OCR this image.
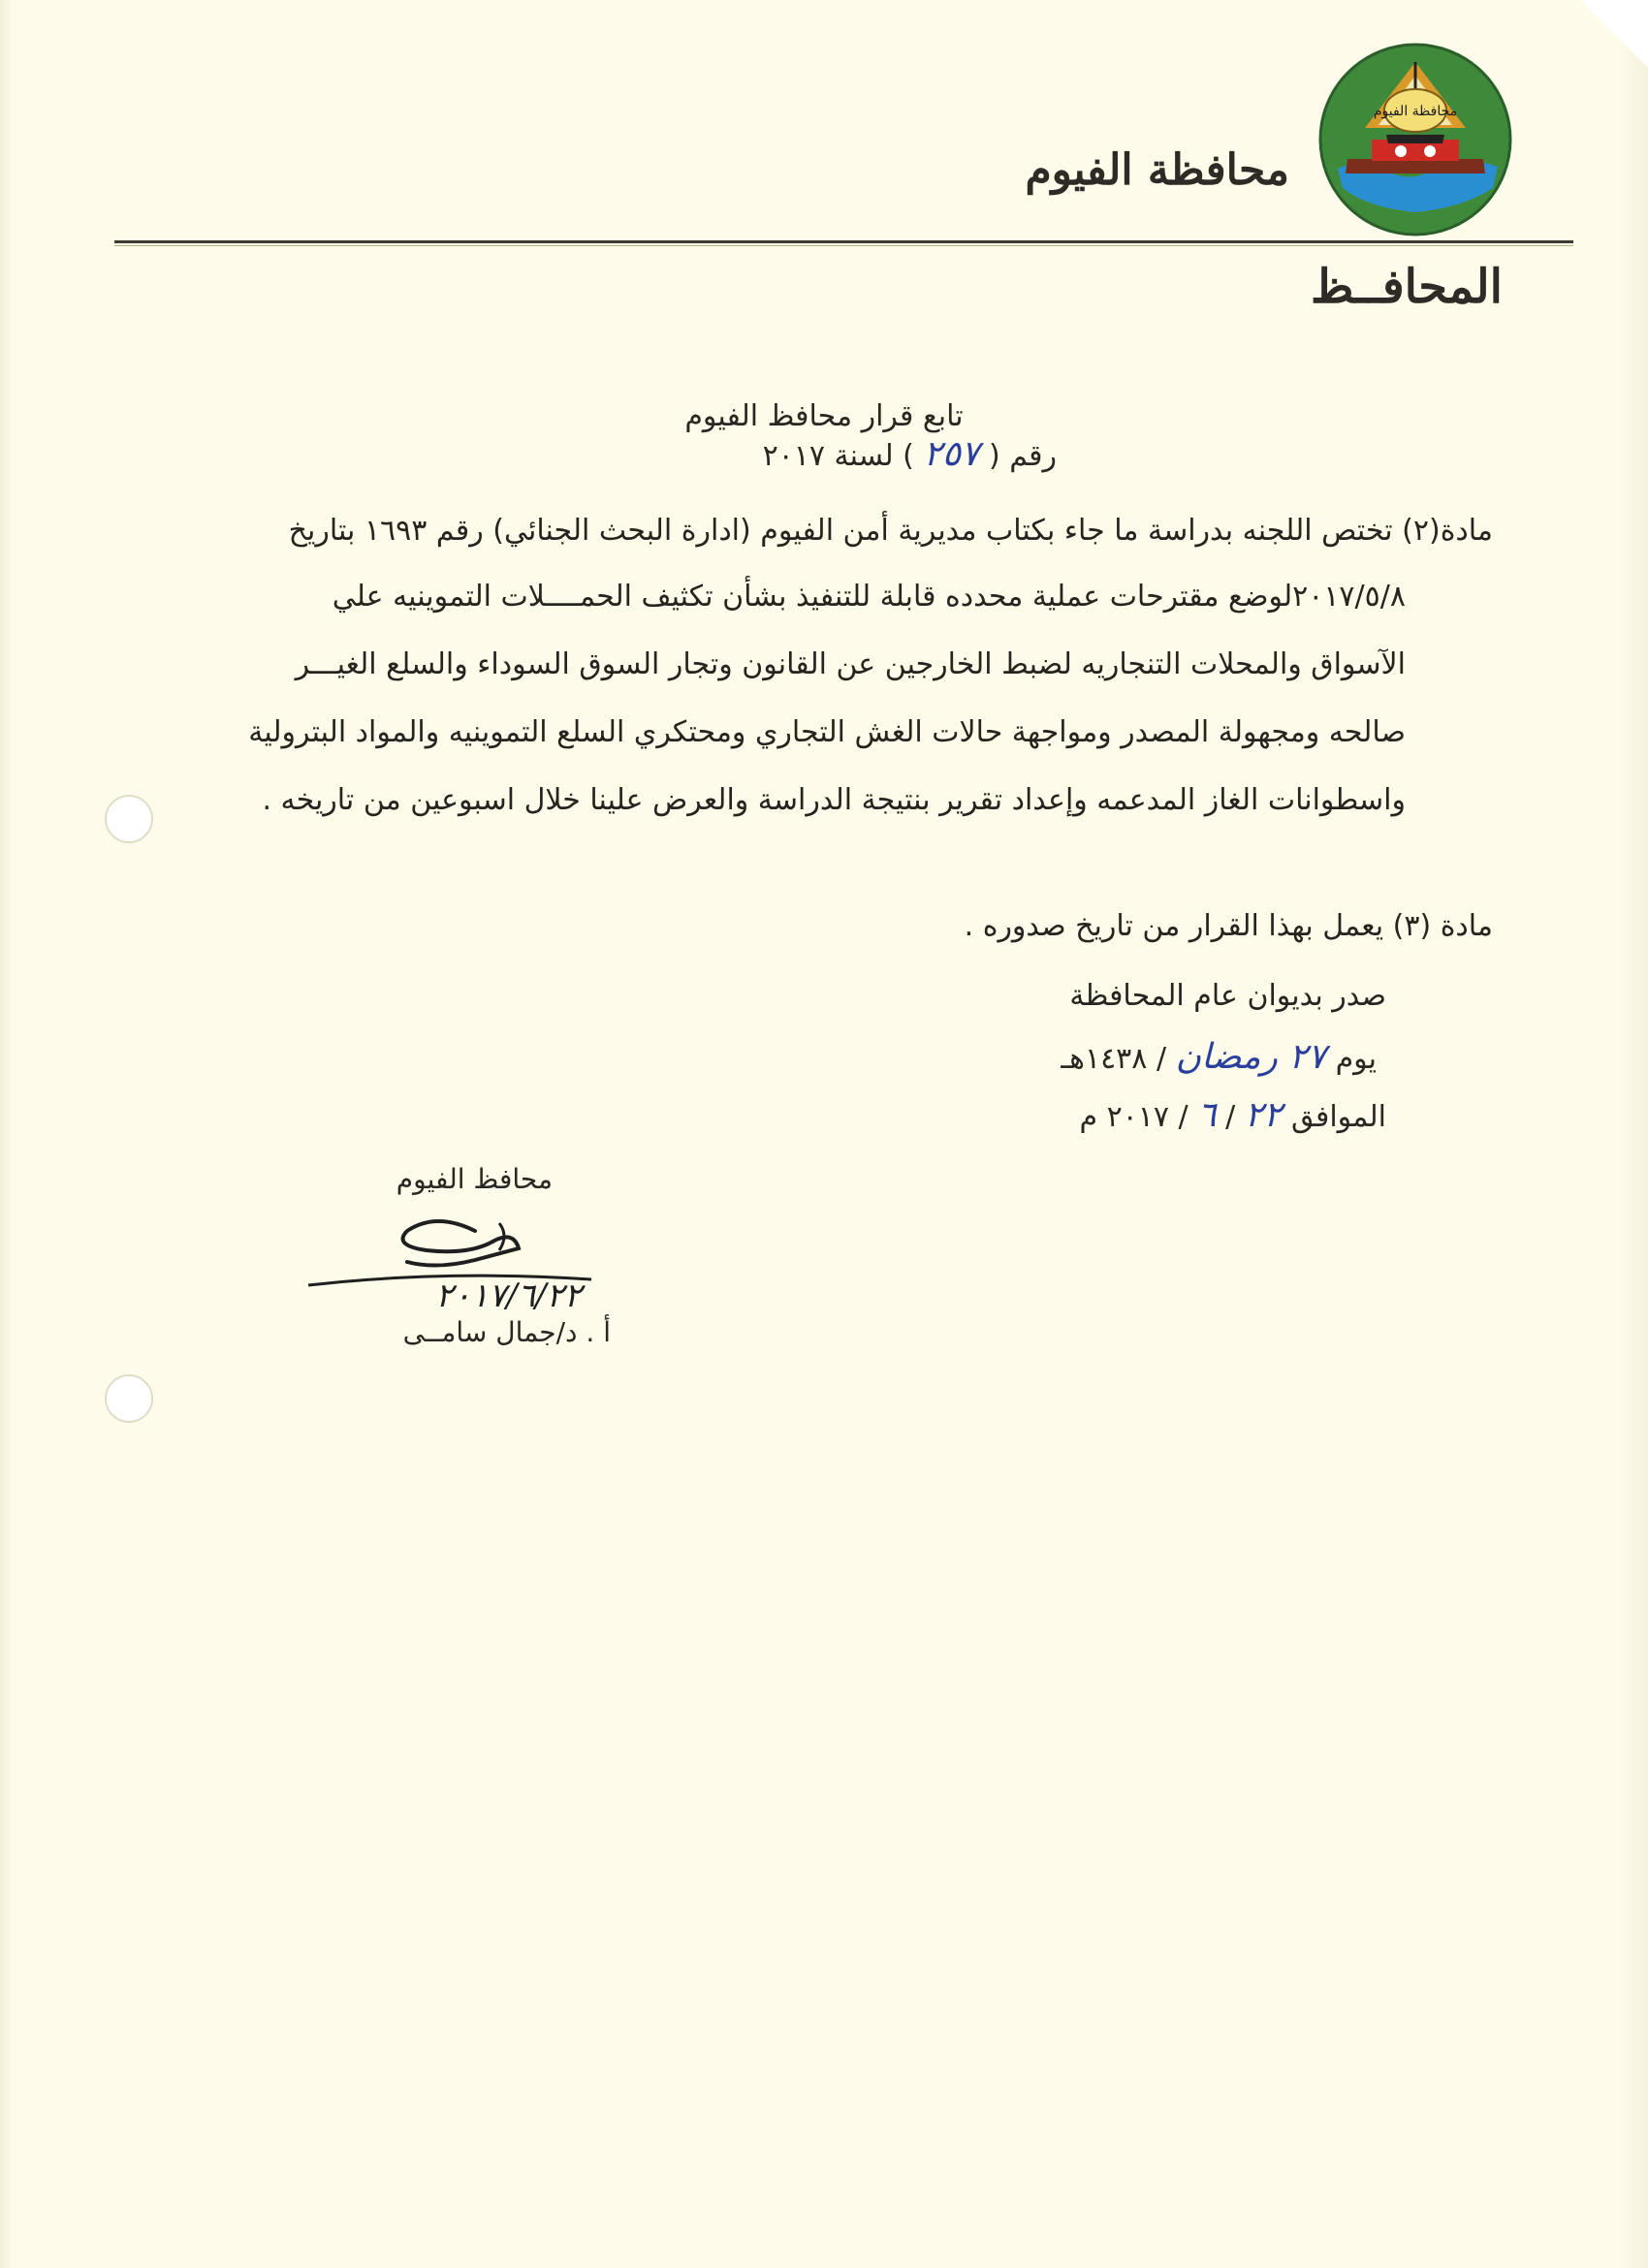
محافظة الفيوم
محافظة الفيوم
المحافــظ
تابع قرار محافظ الفيوم
رقم ( ٢٥٧ ) لسنة ٢٠١٧
مادة(٢) تختص اللجنه بدراسة ما جاء بكتاب مديرية أمن الفيوم (ادارة البحث الجنائي) رقم ١٦٩٣ بتاريخ
٢٠١٧/٥/٨لوضع مقترحات عملية محدده قابلة للتنفيذ بشأن تكثيف الحمــــلات التموينيه علي
الآسواق والمحلات التنجاريه لضبط الخارجين عن القانون وتجار السوق السوداء والسلع الغيـــر
صالحه ومجهولة المصدر ومواجهة حالات الغش التجاري ومحتكري السلع التموينيه والمواد البترولية
واسطوانات الغاز المدعمه وإعداد تقرير بنتيجة الدراسة والعرض علينا خلال اسبوعين من تاريخه .
مادة (٣) يعمل بهذا القرار من تاريخ صدوره .
صدر بديوان عام المحافظة
يوم ٢٧ رمضان / ١٤٣٨هـ
الموافق ٢٢ / ٦ / ٢٠١٧ م
محافظ الفيوم
٢٠١٧/٦/٢٢
أ . د/جمال سامــى
